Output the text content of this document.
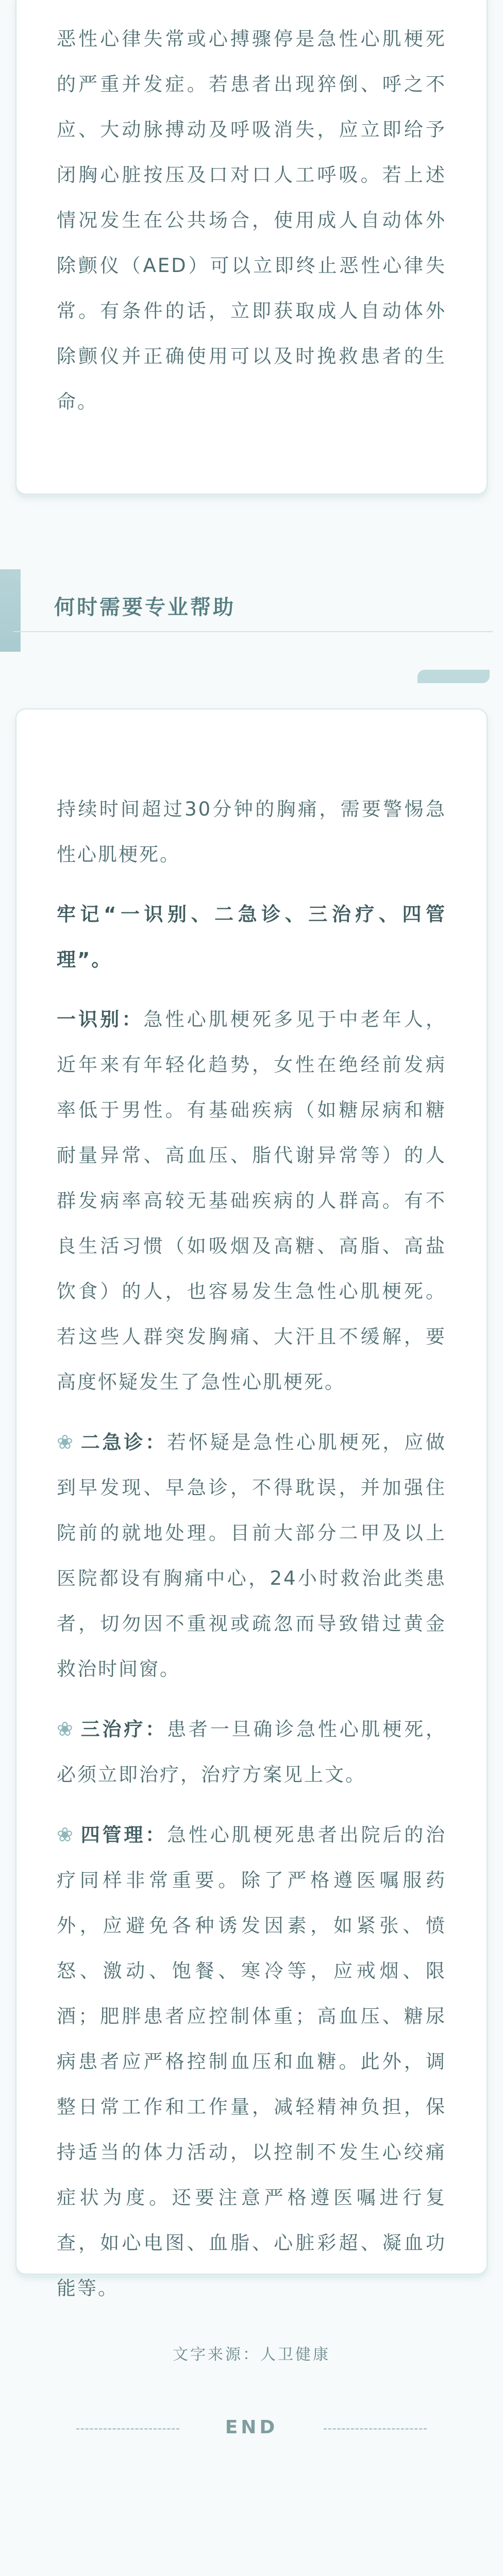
恶性心律失常或心搏骤停是急性心肌梗死的严重并发症。若患者出现猝倒、呼之不应、大动脉搏动及呼吸消失，应立即给予闭胸心脏按压及口对口人工呼吸。若上述情况发生在公共场合，使用成人自动体外除颤仪（AED）可以立即终止恶性心律失常。有条件的话，立即获取成人自动体外除颤仪并正确使用可以及时挽救患者的生命。

何时需要专业帮助

持续时间超过30分钟的胸痛，需要警惕急性心肌梗死。

牢记“一识别、二急诊、三治疗、四管理”。

一识别：急性心肌梗死多见于中老年人，近年来有年轻化趋势，女性在绝经前发病率低于男性。有基础疾病（如糖尿病和糖耐量异常、高血压、脂代谢异常等）的人群发病率高较无基础疾病的人群高。有不良生活习惯（如吸烟及高糖、高脂、高盐饮食）的人，也容易发生急性心肌梗死。若这些人群突发胸痛、大汗且不缓解，要高度怀疑发生了急性心肌梗死。

❀ 二急诊：若怀疑是急性心肌梗死，应做到早发现、早急诊，不得耽误，并加强住院前的就地处理。目前大部分二甲及以上医院都设有胸痛中心，24小时救治此类患者，切勿因不重视或疏忽而导致错过黄金救治时间窗。

❀ 三治疗：患者一旦确诊急性心肌梗死，必须立即治疗，治疗方案见上文。

❀ 四管理：急性心肌梗死患者出院后的治疗同样非常重要。除了严格遵医嘱服药外，应避免各种诱发因素，如紧张、愤怒、激动、饱餐、寒冷等，应戒烟、限酒；肥胖患者应控制体重；高血压、糖尿病患者应严格控制血压和血糖。此外，调整日常工作和工作量，减轻精神负担，保持适当的体力活动，以控制不发生心绞痛症状为度。还要注意严格遵医嘱进行复查，如心电图、血脂、心脏彩超、凝血功能等。

文字来源：人卫健康
END
